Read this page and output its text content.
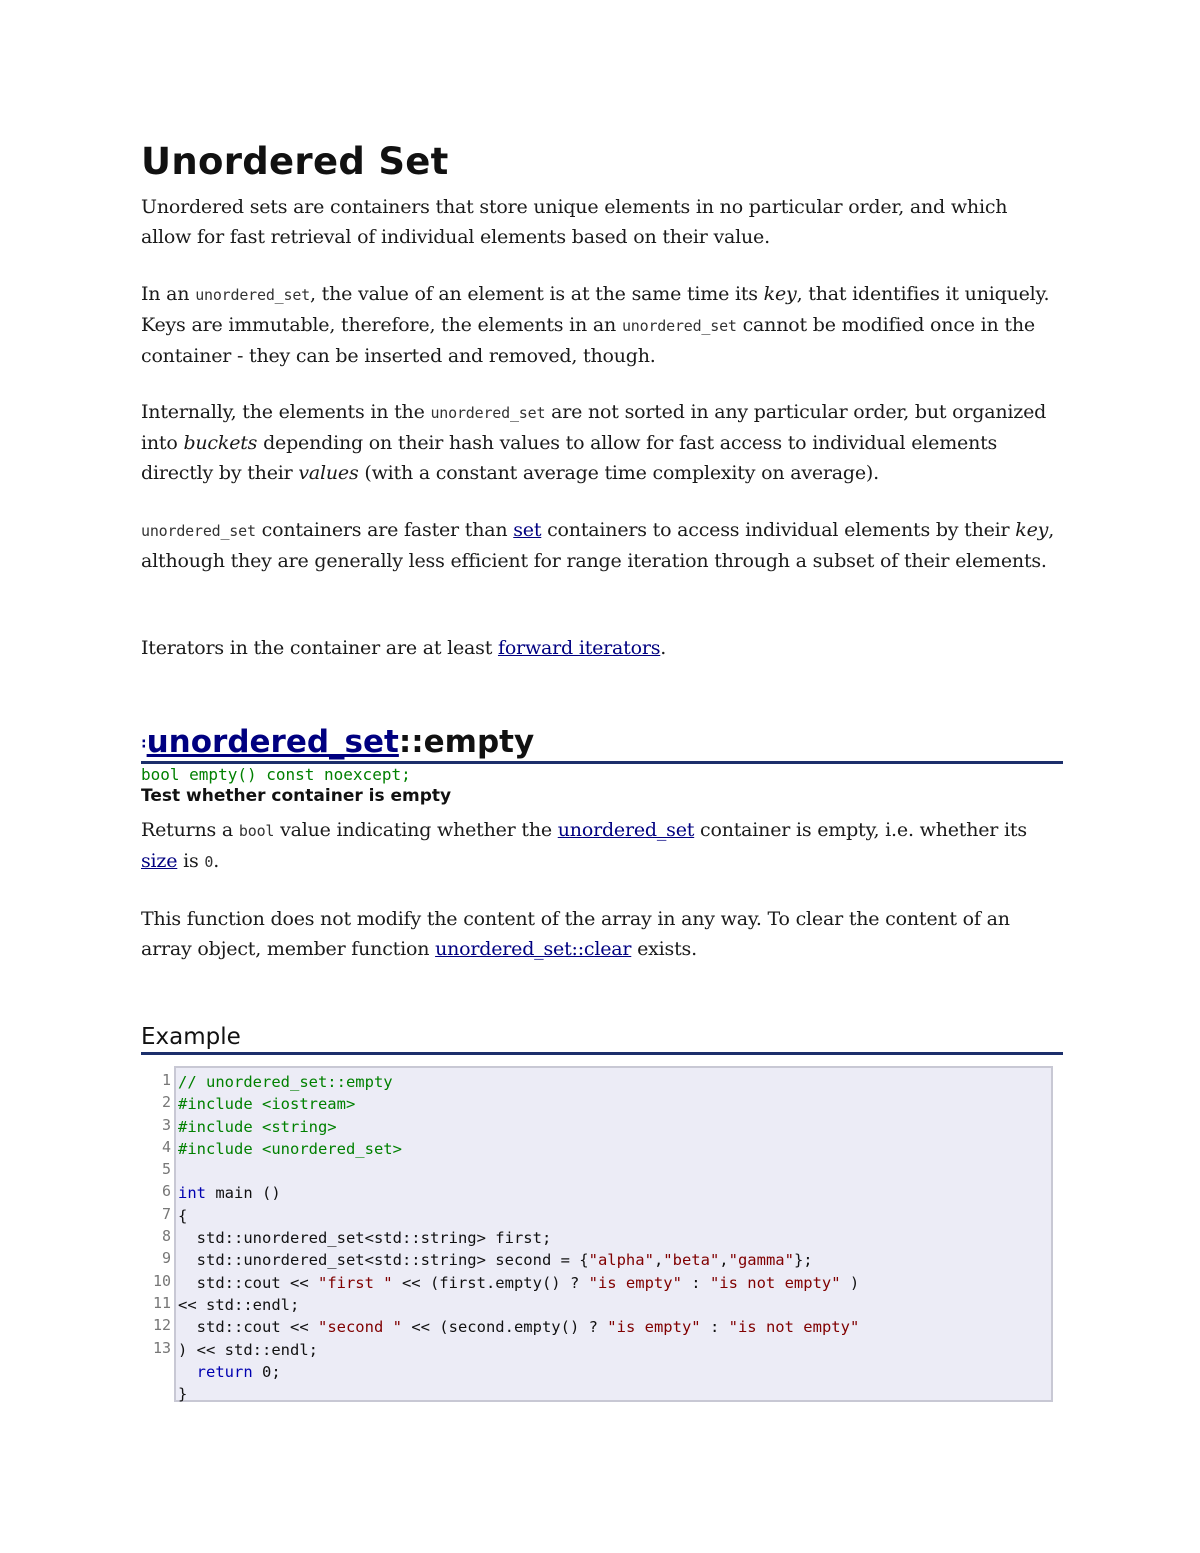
Unordered Set

Unordered sets are containers that store unique elements in no particular order, and which allow for fast retrieval of individual elements based on their value.

In an unordered_set, the value of an element is at the same time its key, that identifies it uniquely. Keys are immutable, therefore, the elements in an unordered_set cannot be modified once in the container - they can be inserted and removed, though.

Internally, the elements in the unordered_set are not sorted in any particular order, but organized into buckets depending on their hash values to allow for fast access to individual elements directly by their values (with a constant average time complexity on average).

unordered_set containers are faster than set containers to access individual elements by their key, although they are generally less efficient for range iteration through a subset of their elements.

Iterators in the container are at least forward iterators.

:unordered_set::empty
bool empty() const noexcept;
Test whether container is empty

Returns a bool value indicating whether the unordered_set container is empty, i.e. whether its size is 0.

This function does not modify the content of the array in any way. To clear the content of an array object, member function unordered_set::clear exists.

Example
1
2
3
4
5
6
7
8
9
10
11
12
13
// unordered_set::empty
#include <iostream>
#include <string>
#include <unordered_set>

int main ()
{
std::unordered_set<std::string> first;
std::unordered_set<std::string> second = {"alpha","beta","gamma"};
std::cout << "first " << (first.empty() ? "is empty" : "is not empty" )
<< std::endl;
std::cout << "second " << (second.empty() ? "is empty" : "is not empty"
) << std::endl;
return 0;
}
